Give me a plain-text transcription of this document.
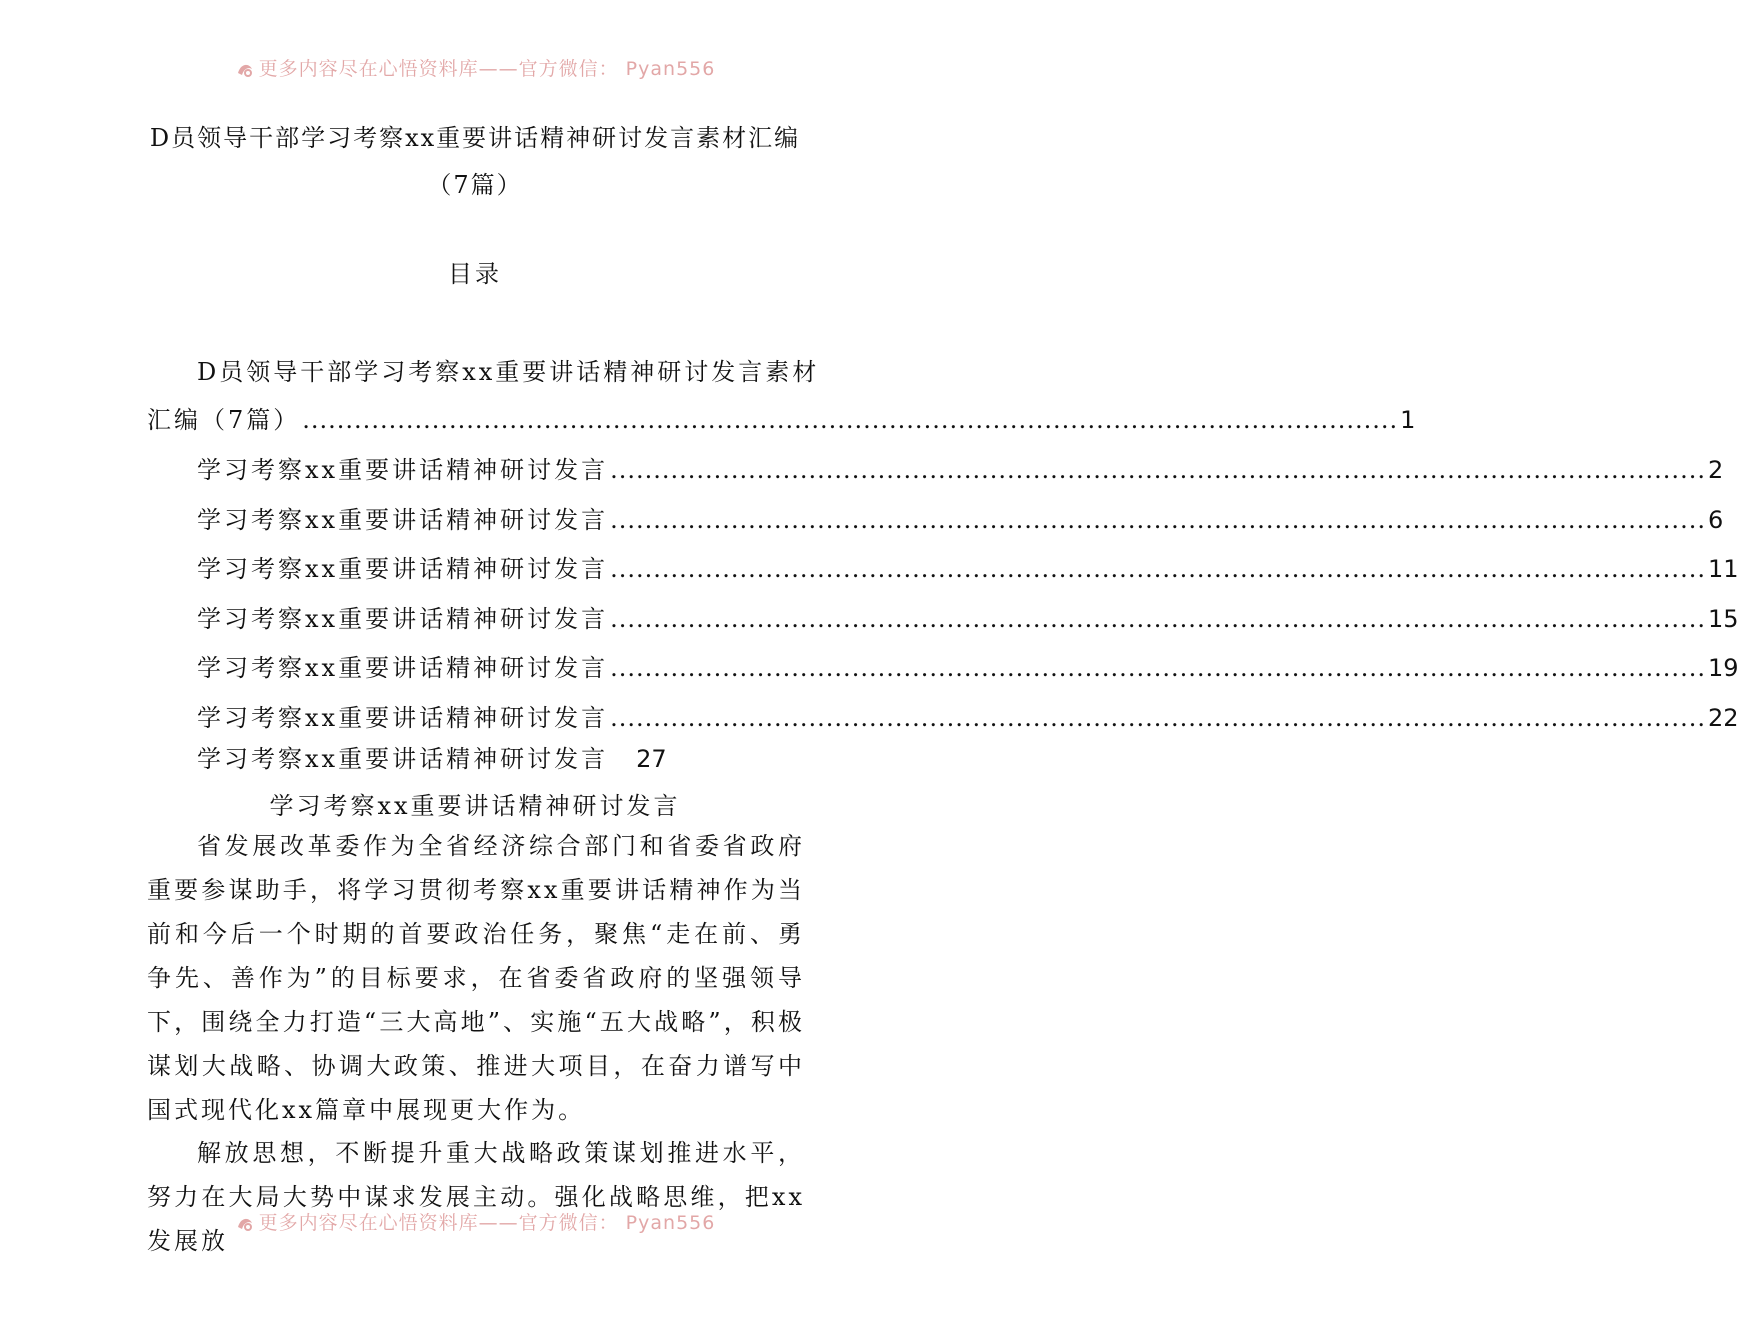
更多内容尽在心悟资料库——官方微信： Pyan556
D员领导干部学习考察xx重要讲话精神研讨发言素材汇编
（7篇）
目录
D员领导干部学习考察xx重要讲话精神研讨发言素材
汇编（7篇） .....	1
学习考察xx重要讲话精神研讨发言 .....	2
学习考察xx重要讲话精神研讨发言 .....	6
学习考察xx重要讲话精神研讨发言 .....	11
学习考察xx重要讲话精神研讨发言 .....	15
学习考察xx重要讲话精神研讨发言 .....	19
学习考察xx重要讲话精神研讨发言 .....	22
学习考察xx重要讲话精神研讨发言 27
学习考察xx重要讲话精神研讨发言

省发展改革委作为全省经济综合部门和省委省政府重要参谋助手，将学习贯彻考察xx重要讲话精神作为当前和今后一个时期的首要政治任务，聚焦“走在前、勇争先、善作为”的目标要求，在省委省政府的坚强领导下，围绕全力打造“三大高地”、实施“五大战略”，积极谋划大战略、协调大政策、推进大项目，在奋力谱写中国式现代化xx篇章中展现更大作为。

解放思想，不断提升重大战略政策谋划推进水平，努力在大局大势中谋求发展主动。强化战略思维，把xx发展放

更多内容尽在心悟资料库——官方微信： Pyan556
